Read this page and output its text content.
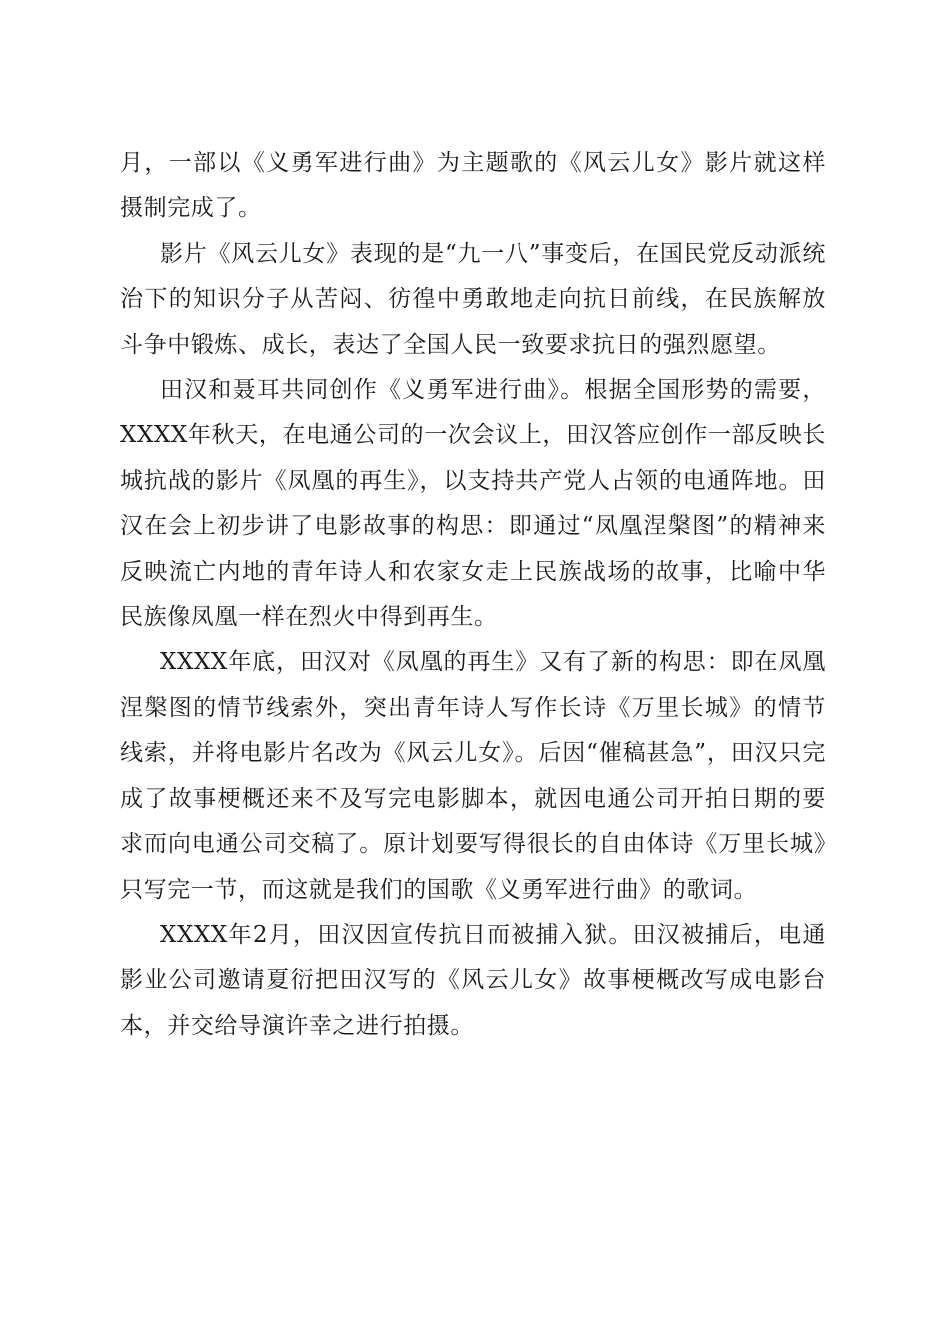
月，一部以《义勇军进行曲》为主题歌的《风云儿女》影片就这样摄制完成了。

影片《风云儿女》表现的是“九一八”事变后，在国民党反动派统治下的知识分子从苦闷、彷徨中勇敢地走向抗日前线，在民族解放斗争中锻炼、成长，表达了全国人民一致要求抗日的强烈愿望。

田汉和聂耳共同创作《义勇军进行曲》。根据全国形势的需要，XXXX年秋天，在电通公司的一次会议上，田汉答应创作一部反映长城抗战的影片《凤凰的再生》，以支持共产党人占领的电通阵地。田汉在会上初步讲了电影故事的构思：即通过“凤凰涅槃图”的精神来反映流亡内地的青年诗人和农家女走上民族战场的故事，比喻中华民族像凤凰一样在烈火中得到再生。

XXXX年底，田汉对《凤凰的再生》又有了新的构思：即在凤凰涅槃图的情节线索外，突出青年诗人写作长诗《万里长城》的情节线索，并将电影片名改为《风云儿女》。后因“催稿甚急”，田汉只完成了故事梗概还来不及写完电影脚本，就因电通公司开拍日期的要求而向电通公司交稿了。原计划要写得很长的自由体诗《万里长城》只写完一节，而这就是我们的国歌《义勇军进行曲》的歌词。

XXXX年2月，田汉因宣传抗日而被捕入狱。田汉被捕后，电通影业公司邀请夏衍把田汉写的《风云儿女》故事梗概改写成电影台本，并交给导演许幸之进行拍摄。
